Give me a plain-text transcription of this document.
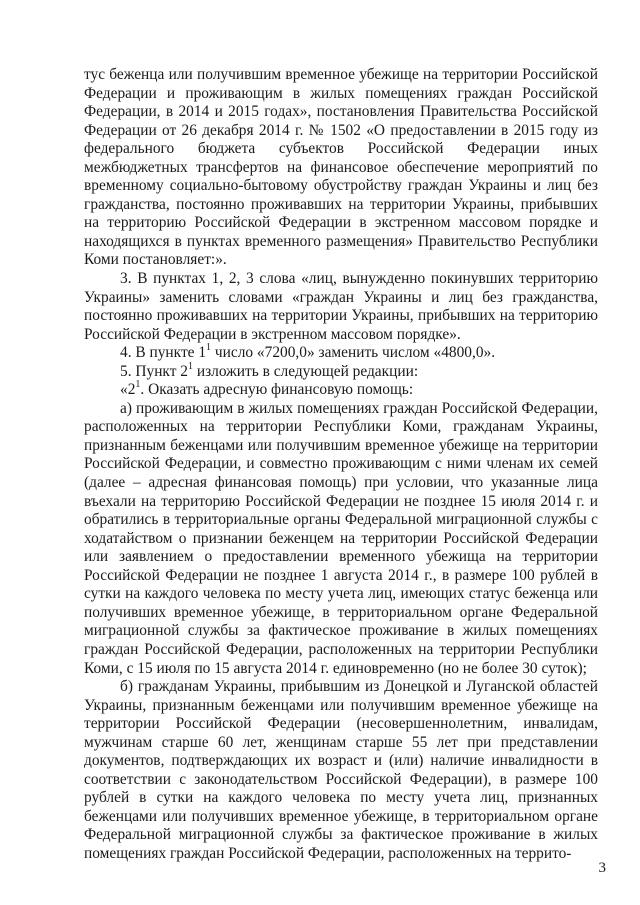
тус беженца или получившим временное убежище на территории Российской Федерации и проживающим в жилых помещениях граждан Российской Федерации, в 2014 и 2015 годах», постановления Правительства Российской Федерации от 26 декабря 2014 г. № 1502 «О предоставлении в 2015 году из федерального бюджета субъектов Российской Федерации иных межбюджетных трансфертов на финансовое обеспечение мероприятий по временному социально-бытовому обустройству граждан Украины и лиц без гражданства, постоянно проживавших на территории Украины, прибывших на территорию Российской Федерации в экстренном массовом порядке и находящихся в пунктах временного размещения» Правительство Республики Коми постановляет:».

3. В пунктах 1, 2, 3 слова «лиц, вынужденно покинувших территорию Украины» заменить словами «граждан Украины и лиц без гражданства, постоянно проживавших на территории Украины, прибывших на территорию Российской Федерации в экстренном массовом порядке».

4. В пункте $1^1$ число «7200,0» заменить числом «4800,0».

5. Пункт $2^1$ изложить в следующей редакции:

«$2^1$. Оказать адресную финансовую помощь:

а) проживающим в жилых помещениях граждан Российской Федерации, расположенных на территории Республики Коми, гражданам Украины, признанным беженцами или получившим временное убежище на территории Российской Федерации, и совместно проживающим с ними членам их семей (далее – адресная финансовая помощь) при условии, что указанные лица въехали на территорию Российской Федерации не позднее 15 июля 2014 г. и обратились в территориальные органы Федеральной миграционной службы с ходатайством о признании беженцем на территории Российской Федерации или заявлением о предоставлении временного убежища на территории Российской Федерации не позднее 1 августа 2014 г., в размере 100 рублей в сутки на каждого человека по месту учета лиц, имеющих статус беженца или получивших временное убежище, в территориальном органе Федеральной миграционной службы за фактическое проживание в жилых помещениях граждан Российской Федерации, расположенных на территории Республики Коми, с 15 июля по 15 августа 2014 г. единовременно (но не более 30 суток);

б) гражданам Украины, прибывшим из Донецкой и Луганской областей Украины, признанным беженцами или получившим временное убежище на территории Российской Федерации (несовершеннолетним, инвалидам, мужчинам старше 60 лет, женщинам старше 55 лет при представлении документов, подтверждающих их возраст и (или) наличие инвалидности в соответствии с законодательством Российской Федерации), в размере 100 рублей в сутки на каждого человека по месту учета лиц, признанных беженцами или получивших временное убежище, в территориальном органе Федеральной миграционной службы за фактическое проживание в жилых помещениях граждан Российской Федерации, расположенных на террито-

3
